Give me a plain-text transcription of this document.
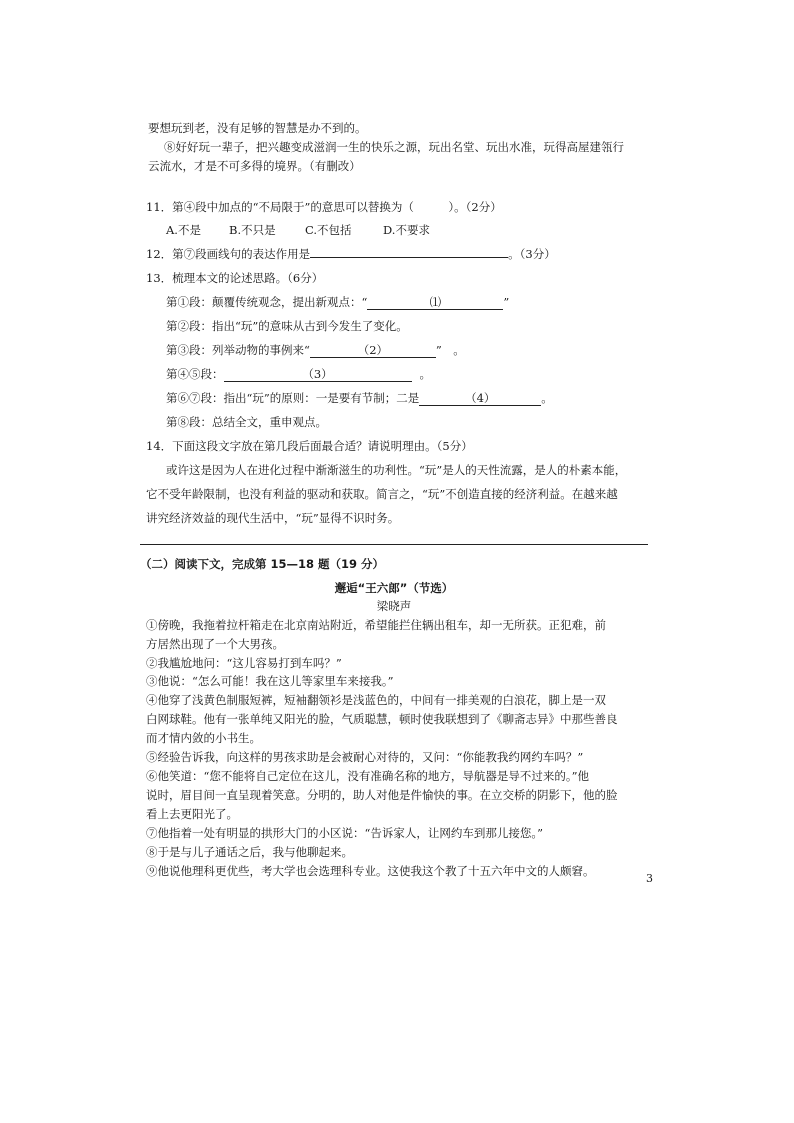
要想玩到老，没有足够的智慧是办不到的。
⑧好好玩一辈子，把兴趣变成滋润一生的快乐之源，玩出名堂、玩出水准，玩得高屋建瓴行
云流水，才是不可多得的境界。（有删改）
11．第④段中加点的“不局限于”的意思可以替换为（　　　）。（2分）
A.不是 B.不只是	C.不包括	D.不要求
12．第⑦段画线句的表达作用是	。（3分）
13．梳理本文的论述思路。（6分）
第①段：颠覆传统观念，提出新观点：“	⑴	”
第②段：指出“玩”的意味从古到今发生了变化。
第③段：列举动物的事例来“	（2）	”　。
第④⑤段：	（3）	。
第⑥⑦段：指出“玩”的原则：一是要有节制；二是	（4）	。
第⑧段：总结全文，重申观点。
14．下面这段文字放在第几段后面最合适？请说明理由。（5分）
或许这是因为人在进化过程中渐渐滋生的功利性。“玩”是人的天性流露，是人的朴素本能，
它不受年龄限制，也没有利益的驱动和获取。简言之，“玩”不创造直接的经济利益。在越来越
讲究经济效益的现代生活中，“玩”显得不识时务。
（二）阅读下文，完成第 15—18 题（19 分）
邂逅“王六郎”（节选）
梁晓声
①傍晚，我拖着拉杆箱走在北京南站附近，希望能拦住辆出租车，却一无所获。正犯难，前
方居然出现了一个大男孩。
②我尴尬地问：“这儿容易打到车吗？”
③他说：“怎么可能！我在这儿等家里车来接我。”
④他穿了浅黄色制服短裤，短袖翻领衫是浅蓝色的，中间有一排美观的白浪花，脚上是一双
白网球鞋。他有一张单纯又阳光的脸，气质聪慧，顿时使我联想到了《聊斋志异》中那些善良
而才情内敛的小书生。
⑤经验告诉我，向这样的男孩求助是会被耐心对待的，又问：“你能教我约网约车吗？”
⑥他笑道：“您不能将自己定位在这儿，没有准确名称的地方，导航器是导不过来的。”他
说时，眉目间一直呈现着笑意。分明的，助人对他是件愉快的事。在立交桥的阴影下，他的脸
看上去更阳光了。
⑦他指着一处有明显的拱形大门的小区说：“告诉家人，让网约车到那儿接您。”
⑧于是与儿子通话之后，我与他聊起来。
⑨他说他理科更优些，考大学也会选理科专业。这使我这个教了十五六年中文的人颇窘。
3
